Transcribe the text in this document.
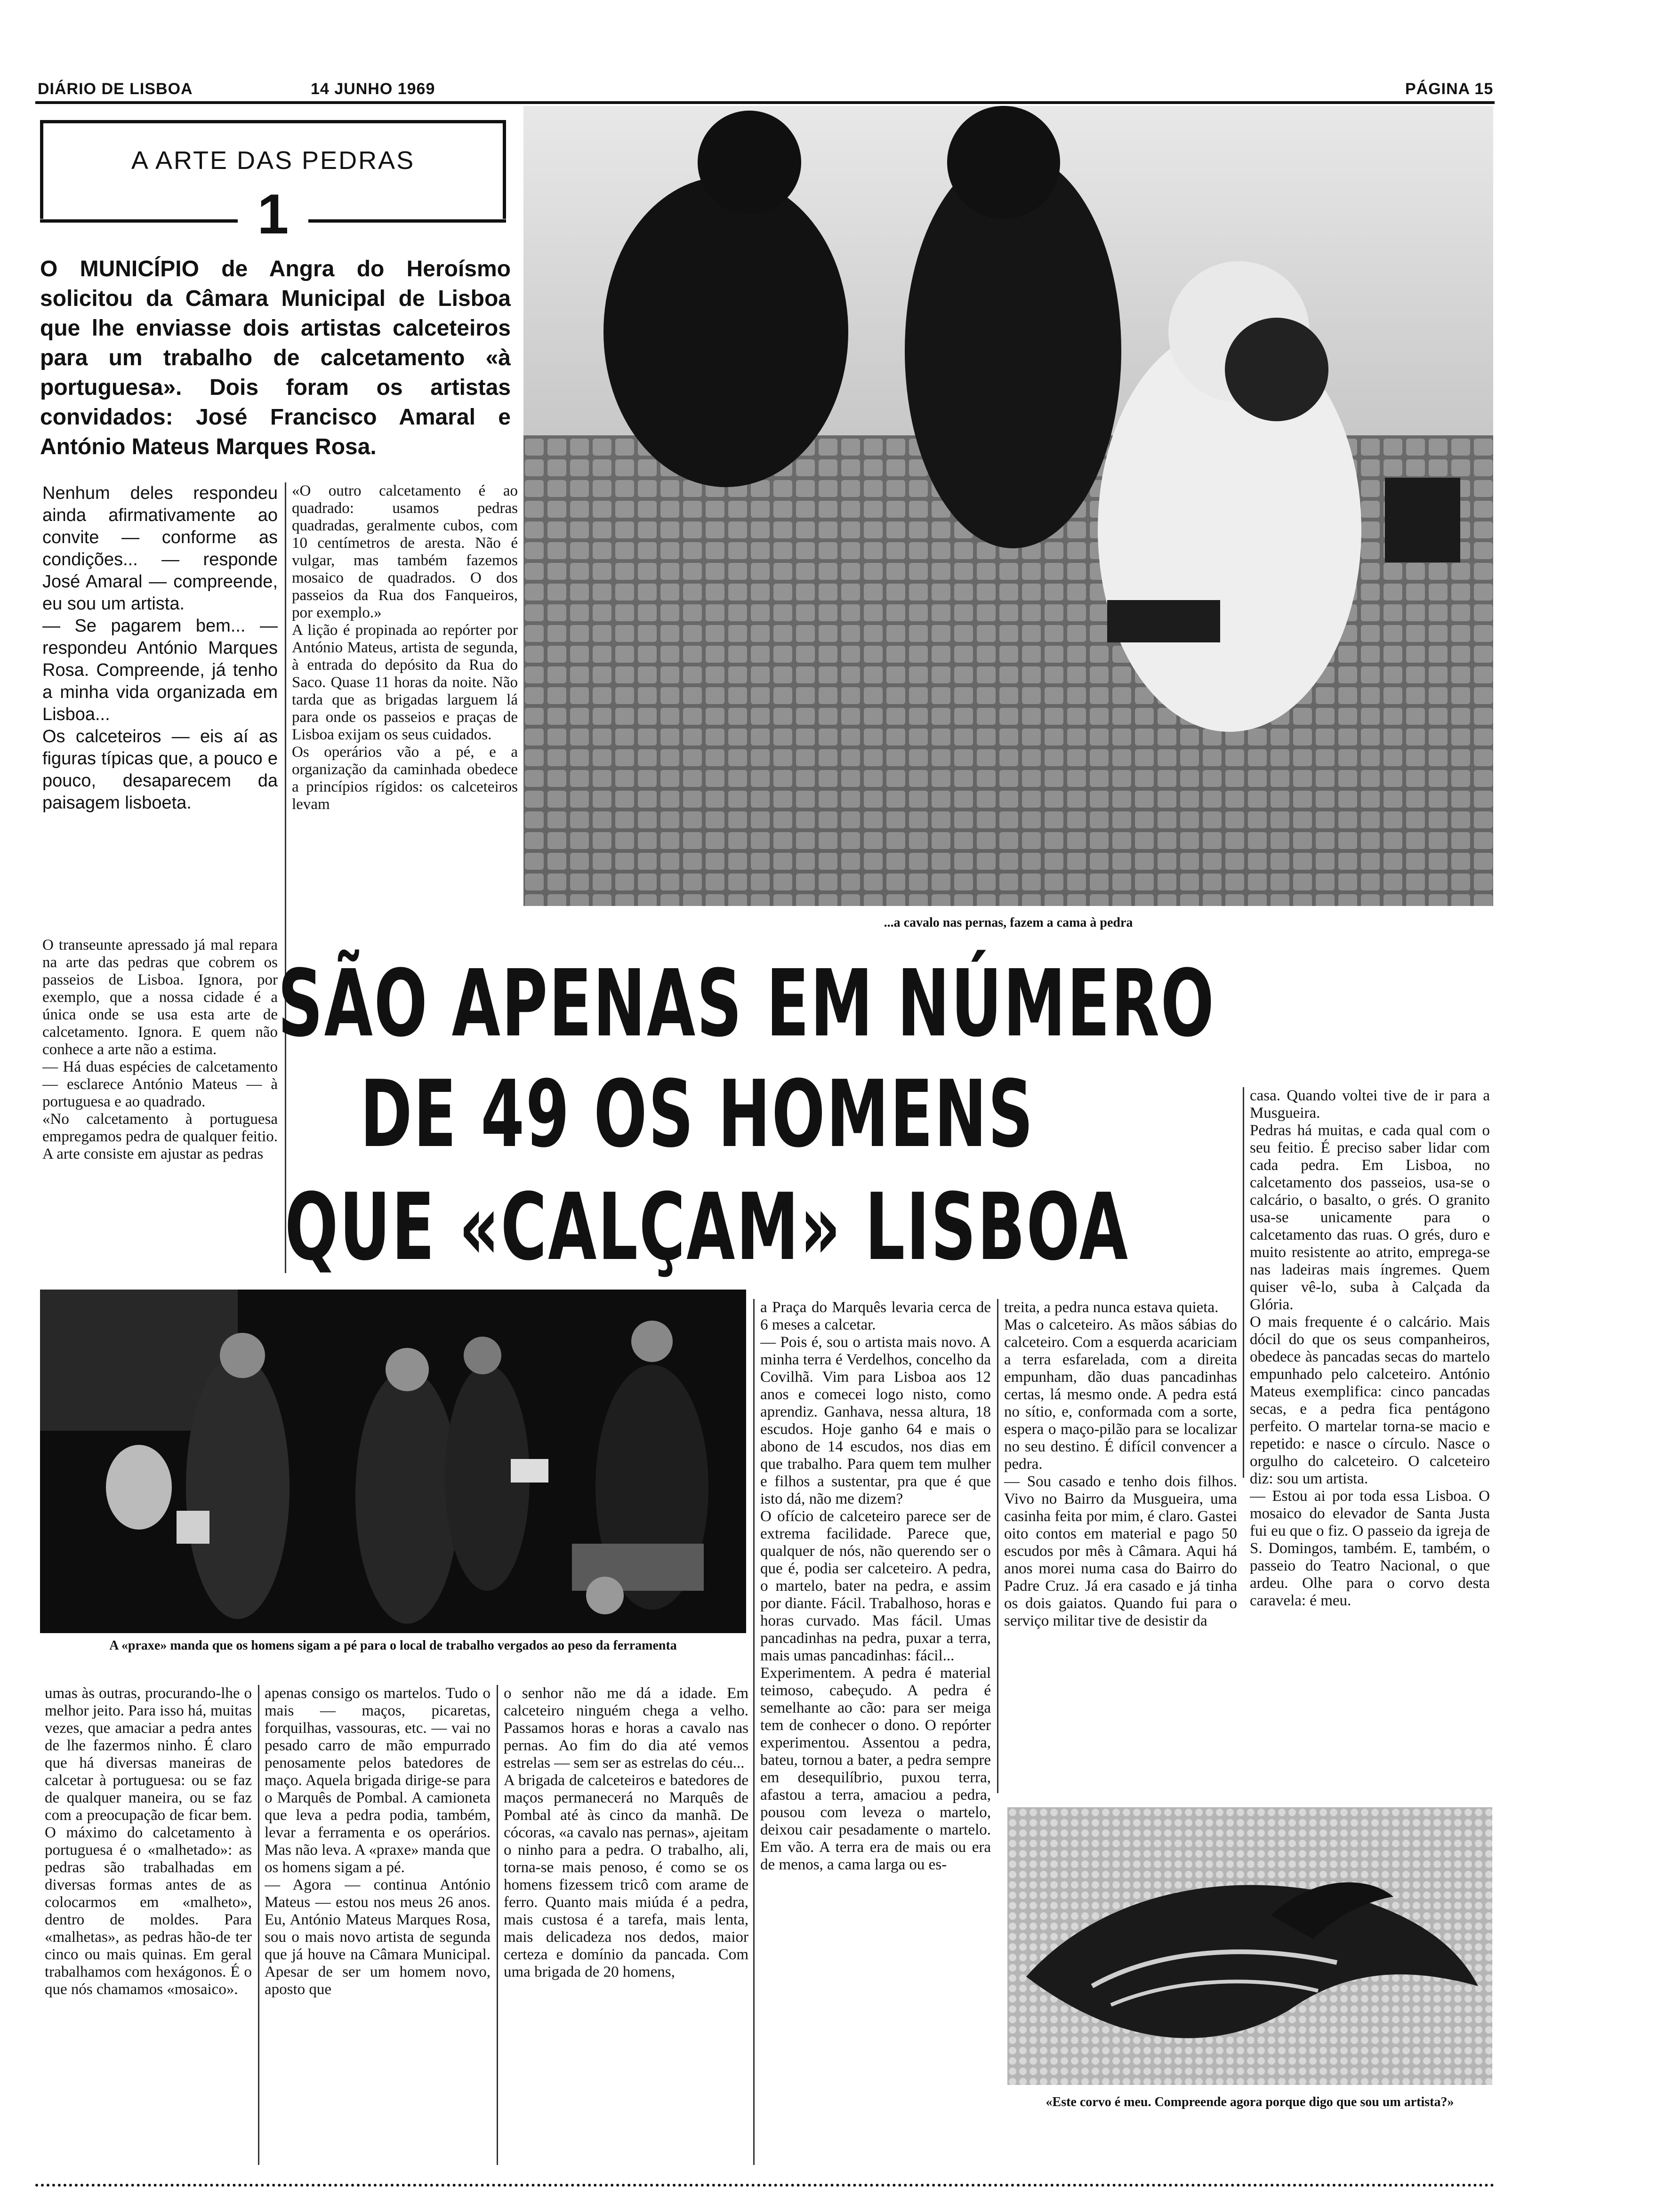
DIÁRIO DE LISBOA	14 JUNHO 1969	PÁGINA 15
A ARTE DAS PEDRAS
1
O MUNICÍPIO de Angra do Heroísmo solicitou da Câmara Municipal de Lisboa que lhe enviasse dois artistas calceteiros para um trabalho de calcetamento «à portuguesa». Dois foram os artistas convidados: José Francisco Amaral e António Mateus Marques Rosa.
Nenhum deles respondeu ainda afirmativamente ao convite — conforme as condições... — responde José Amaral — compreende, eu sou um artista.
— Se pagarem bem... — respondeu António Marques Rosa. Compreende, já tenho a minha vida organizada em Lisboa...
Os calceteiros — eis aí as figuras típicas que, a pouco e pouco, desaparecem da paisagem lisboeta.
O transeunte apressado já mal repara na arte das pedras que cobrem os passeios de Lisboa. Ignora, por exemplo, que a nossa cidade é a única onde se usa esta arte de calcetamento. Ignora. E quem não conhece a arte não a estima.
— Há duas espécies de calcetamento — esclarece António Mateus — à portuguesa e ao quadrado.
«No calcetamento à portuguesa empregamos pedra de qualquer feitio. A arte consiste em ajustar as pedras
«O outro calcetamento é ao quadrado: usamos pedras quadradas, geralmente cubos, com 10 centímetros de aresta. Não é vulgar, mas também fazemos mosaico de quadrados. O dos passeios da Rua dos Fanqueiros, por exemplo.»
A lição é propinada ao repórter por António Mateus, artista de segunda, à entrada do depósito da Rua do Saco. Quase 11 horas da noite. Não tarda que as brigadas larguem lá para onde os passeios e praças de Lisboa exijam os seus cuidados.
Os operários vão a pé, e a organização da caminhada obedece a princípios rígidos: os calceteiros levam
...a cavalo nas pernas, fazem a cama à pedra
SÃO APENAS EM NÚMERO
DE 49 OS HOMENS
QUE «CALÇAM» LISBOA
casa. Quando voltei tive de ir para a Musgueira.
Pedras há muitas, e cada qual com o seu feitio. É preciso saber lidar com cada pedra. Em Lisboa, no calcetamento dos passeios, usa-se o calcário, o basalto, o grés. O granito usa-se unicamente para o calcetamento das ruas. O grés, duro e muito resistente ao atrito, emprega-se nas ladeiras mais íngremes. Quem quiser vê-lo, suba à Calçada da Glória.
O mais frequente é o calcário. Mais dócil do que os seus companheiros, obedece às pancadas secas do martelo empunhado pelo calceteiro. António Mateus exemplifica: cinco pancadas secas, e a pedra fica pentágono perfeito. O martelar torna-se macio e repetido: e nasce o círculo. Nasce o orgulho do calceteiro. O calceteiro diz: sou um artista.
— Estou ai por toda essa Lisboa. O mosaico do elevador de Santa Justa fui eu que o fiz. O passeio da igreja de S. Domingos, também. E, também, o passeio do Teatro Nacional, o que ardeu. Olhe para o corvo desta caravela: é meu.
A «praxe» manda que os homens sigam a pé para o local de trabalho vergados ao peso da ferramenta
a Praça do Marquês levaria cerca de 6 meses a calcetar.
— Pois é, sou o artista mais novo. A minha terra é Verdelhos, concelho da Covilhã. Vim para Lisboa aos 12 anos e comecei logo nisto, como aprendiz. Ganhava, nessa altura, 18 escudos. Hoje ganho 64 e mais o abono de 14 escudos, nos dias em que trabalho. Para quem tem mulher e filhos a sustentar, pra que é que isto dá, não me dizem?
O ofício de calceteiro parece ser de extrema facilidade. Parece que, qualquer de nós, não querendo ser o que é, podia ser calceteiro. A pedra, o martelo, bater na pedra, e assim por diante. Fácil. Trabalhoso, horas e horas curvado. Mas fácil. Umas pancadinhas na pedra, puxar a terra, mais umas pancadinhas: fácil...
Experimentem. A pedra é material teimoso, cabeçudo. A pedra é semelhante ao cão: para ser meiga tem de conhecer o dono. O repórter experimentou. Assentou a pedra, bateu, tornou a bater, a pedra sempre em desequilíbrio, puxou terra, afastou a terra, amaciou a pedra, pousou com leveza o martelo, deixou cair pesadamente o martelo. Em vão. A terra era de mais ou era de menos, a cama larga ou es-
treita, a pedra nunca estava quieta.
Mas o calceteiro. As mãos sábias do calceteiro. Com a esquerda acariciam a terra esfarelada, com a direita empunham, dão duas pancadinhas certas, lá mesmo onde. A pedra está no sítio, e, conformada com a sorte, espera o maço-pilão para se localizar no seu destino. É difícil convencer a pedra.
— Sou casado e tenho dois filhos. Vivo no Bairro da Musgueira, uma casinha feita por mim, é claro. Gastei oito contos em material e pago 50 escudos por mês à Câmara. Aqui há anos morei numa casa do Bairro do Padre Cruz. Já era casado e já tinha os dois gaiatos. Quando fui para o serviço militar tive de desistir da
umas às outras, procurando-lhe o melhor jeito. Para isso há, muitas vezes, que amaciar a pedra antes de lhe fazermos ninho. É claro que há diversas maneiras de calcetar à portuguesa: ou se faz de qualquer maneira, ou se faz com a preocupação de ficar bem. O máximo do calcetamento à portuguesa é o «malhetado»: as pedras são trabalhadas em diversas formas antes de as colocarmos em «malheto», dentro de moldes. Para «malhetas», as pedras hão-de ter cinco ou mais quinas. Em geral trabalhamos com hexágonos. É o que nós chamamos «mosaico».
apenas consigo os martelos. Tudo o mais — maços, picaretas, forquilhas, vassouras, etc. — vai no pesado carro de mão empurrado penosamente pelos batedores de maço. Aquela brigada dirige-se para o Marquês de Pombal. A camioneta que leva a pedra podia, também, levar a ferramenta e os operários. Mas não leva. A «praxe» manda que os homens sigam a pé.
— Agora — continua António Mateus — estou nos meus 26 anos. Eu, António Mateus Marques Rosa, sou o mais novo artista de segunda que já houve na Câmara Municipal. Apesar de ser um homem novo, aposto que
o senhor não me dá a idade. Em calceteiro ninguém chega a velho. Passamos horas e horas a cavalo nas pernas. Ao fim do dia até vemos estrelas — sem ser as estrelas do céu...
A brigada de calceteiros e batedores de maços permanecerá no Marquês de Pombal até às cinco da manhã. De cócoras, «a cavalo nas pernas», ajeitam o ninho para a pedra. O trabalho, ali, torna-se mais penoso, é como se os homens fizessem tricô com arame de ferro. Quanto mais miúda é a pedra, mais custosa é a tarefa, mais lenta, mais delicadeza nos dedos, maior certeza e domínio da pancada. Com uma brigada de 20 homens,
«Este corvo é meu. Compreende agora porque digo que sou um artista?»
